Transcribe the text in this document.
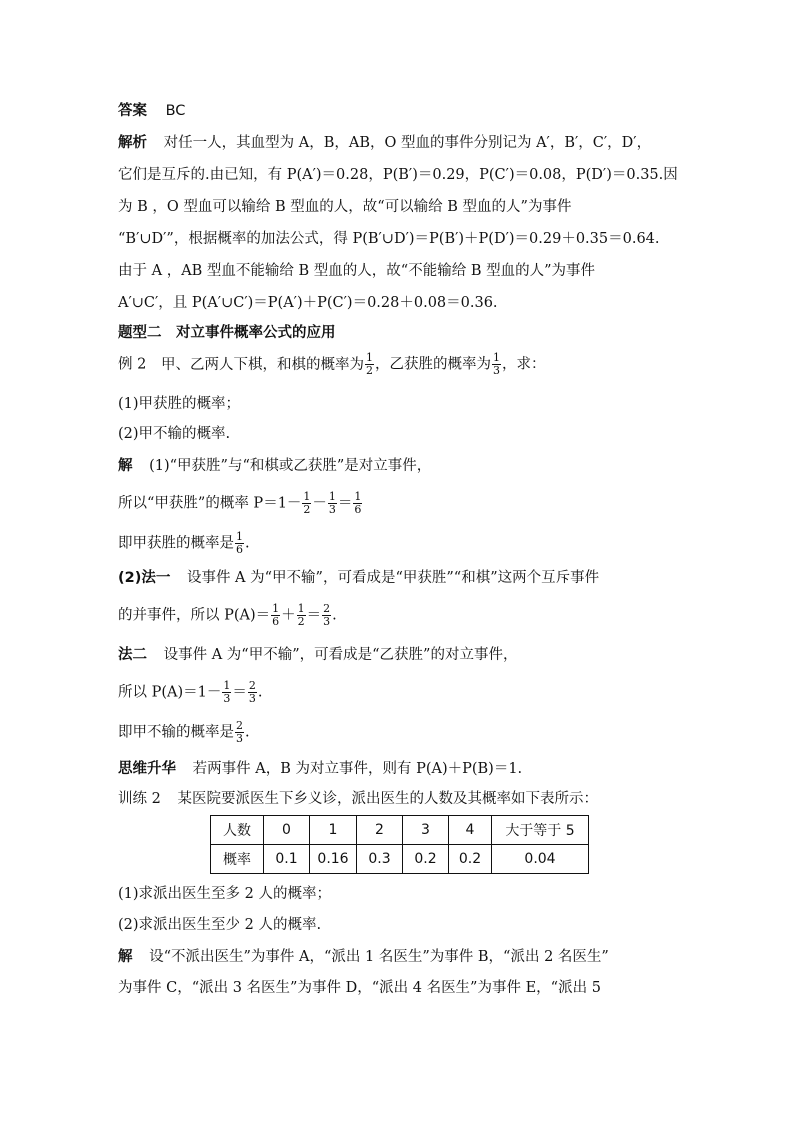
答案 BC
解析 对任一人，其血型为 A，B，AB，O 型血的事件分别记为 A′，B′，C′，D′，
它们是互斥的.由已知，有 P(A′)＝0.28，P(B′)＝0.29，P(C′)＝0.08，P(D′)＝0.35.因
为 B ，O 型血可以输给 B 型血的人，故“可以输给 B 型血的人”为事件
“B′∪D′”，根据概率的加法公式，得 P(B′∪D′)＝P(B′)＋P(D′)＝0.29＋0.35＝0.64.
由于 A ，AB 型血不能输给 B 型血的人，故“不能输给 B 型血的人”为事件
A′∪C′，且 P(A′∪C′)＝P(A′)＋P(C′)＝0.28＋0.08＝0.36.
题型二　对立事件概率公式的应用
例 2 甲、乙两人下棋，和棋的概率为 $\frac{1}{2}$ ，乙获胜的概率为 $\frac{1}{3}$ ，求：
(1)甲获胜的概率；
(2)甲不输的概率.
解 (1)“甲获胜”与“和棋或乙获胜”是对立事件，
所以“甲获胜”的概率 $P=1- \frac{1}{2} - \frac{1}{3} = \frac{1}{6}$
即甲获胜的概率是 $\frac{1}{6}$ .
(2)法一 设事件 A 为“甲不输”，可看成是“甲获胜”“和棋”这两个互斥事件
的并事件，所以 $P(A)= \frac{1}{6} + \frac{1}{2} = \frac{2}{3}$ .
法二 设事件 A 为“甲不输”，可看成是“乙获胜”的对立事件，
所以 $P(A)=1- \frac{1}{3} = \frac{2}{3}$ .
即甲不输的概率是 $\frac{2}{3}$ .
思维升华 若两事件 A，B 为对立事件，则有 P(A)＋P(B)＝1.
训练 2 某医院要派医生下乡义诊，派出医生的人数及其概率如下表所示：
人数	0	1	2	3	4	大于等于 5
概率	0.1	0.16	0.3	0.2	0.2	0.04
(1)求派出医生至多 2 人的概率；
(2)求派出医生至少 2 人的概率.
解 设“不派出医生”为事件 A，“派出 1 名医生”为事件 B，“派出 2 名医生”
为事件 C，“派出 3 名医生”为事件 D，“派出 4 名医生”为事件 E，“派出 5
